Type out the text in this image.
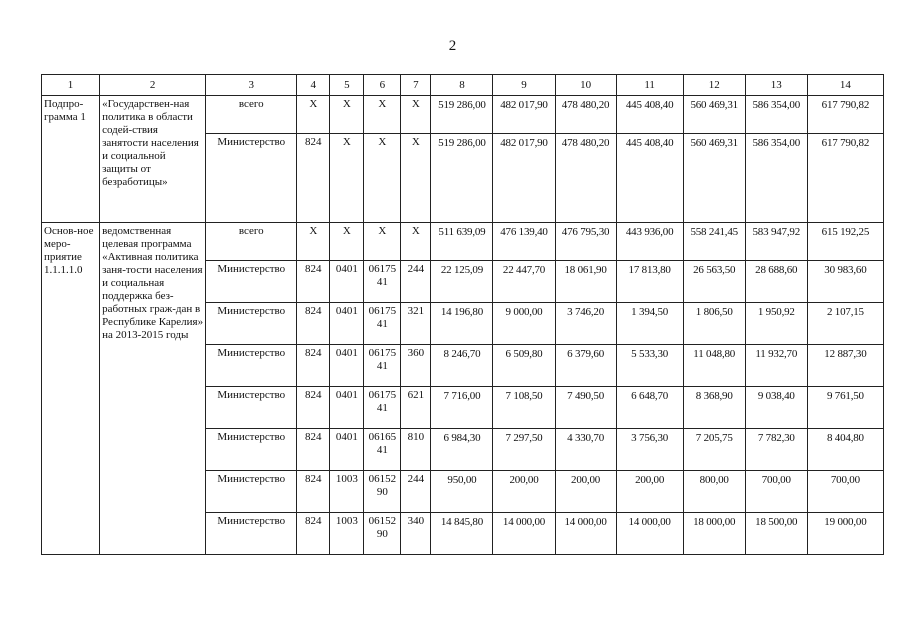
2
1	2	3	4	5	6	7	8	9	10	11	12	13	14
Подпро-грамма 1	«Государствен-ная политика в области содей-ствия занятости населения и социальной защиты от безработицы»	всего	Х	Х	Х	Х	519 286,00	482 017,90	478 480,20	445 408,40	560 469,31	586 354,00	617 790,82
		Министерство	824	Х	Х	Х	519 286,00	482 017,90	478 480,20	445 408,40	560 469,31	586 354,00	617 790,82
Основ-ное меро-приятие 1.1.1.1.0	ведомственная целевая программа «Активная политика заня-тости населения и социальная поддержка без-работных граж-дан в Республике Карелия» на 2013-2015 годы	всего	Х	Х	Х	Х	511 639,09	476 139,40	476 795,30	443 936,00	558 241,45	583 947,92	615 192,25
		Министерство	824	0401	06175 41	244	22 125,09	22 447,70	18 061,90	17 813,80	26 563,50	28 688,60	30 983,60
		Министерство	824	0401	06175 41	321	14 196,80	9 000,00	3 746,20	1 394,50	1 806,50	1 950,92	2 107,15
		Министерство	824	0401	06175 41	360	8 246,70	6 509,80	6 379,60	5 533,30	11 048,80	11 932,70	12 887,30
		Министерство	824	0401	06175 41	621	7 716,00	7 108,50	7 490,50	6 648,70	8 368,90	9 038,40	9 761,50
		Министерство	824	0401	06165 41	810	6 984,30	7 297,50	4 330,70	3 756,30	7 205,75	7 782,30	8 404,80
		Министерство	824	1003	06152 90	244	950,00	200,00	200,00	200,00	800,00	700,00	700,00
		Министерство	824	1003	06152 90	340	14 845,80	14 000,00	14 000,00	14 000,00	18 000,00	18 500,00	19 000,00
